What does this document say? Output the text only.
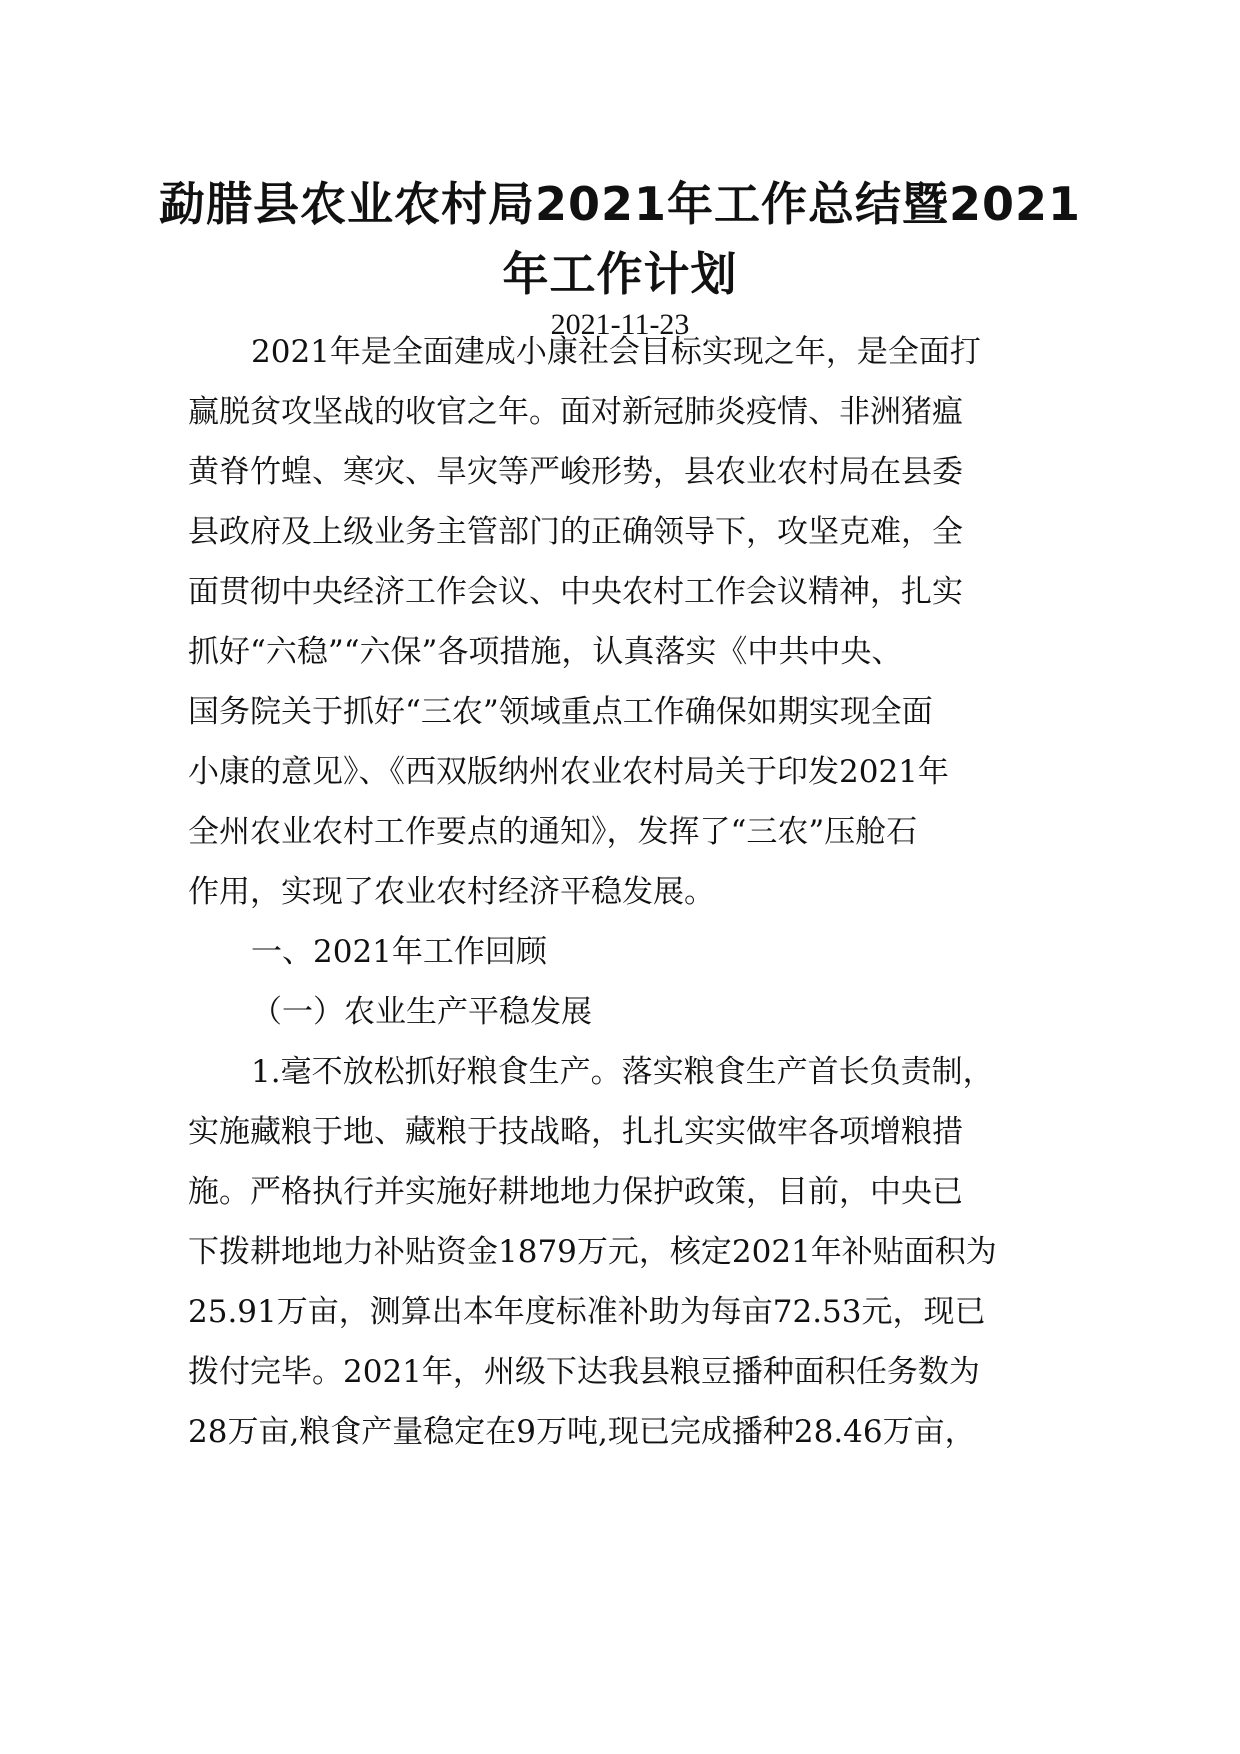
勐腊县农业农村局2021年工作总结暨2021
年工作计划
2021-11-23
2021年是全面建成小康社会目标实现之年，是全面打
赢脱贫攻坚战的收官之年。面对新冠肺炎疫情、非洲猪瘟
黄脊竹蝗、寒灾、旱灾等严峻形势，县农业农村局在县委
县政府及上级业务主管部门的正确领导下，攻坚克难，全
面贯彻中央经济工作会议、中央农村工作会议精神，扎实
抓好“六稳”“六保”各项措施，认真落实《中共中央、
国务院关于抓好“三农”领域重点工作确保如期实现全面
小康的意见》、《西双版纳州农业农村局关于印发2021年
全州农业农村工作要点的通知》，发挥了“三农”压舱石
作用，实现了农业农村经济平稳发展。
一、2021年工作回顾
（一）农业生产平稳发展
1.毫不放松抓好粮食生产。落实粮食生产首长负责制，
实施藏粮于地、藏粮于技战略，扎扎实实做牢各项增粮措
施。严格执行并实施好耕地地力保护政策，目前，中央已
下拨耕地地力补贴资金1879万元，核定2021年补贴面积为
25.91万亩，测算出本年度标准补助为每亩72.53元，现已
拨付完毕。2021年，州级下达我县粮豆播种面积任务数为
28万亩,粮食产量稳定在9万吨,现已完成播种28.46万亩，
